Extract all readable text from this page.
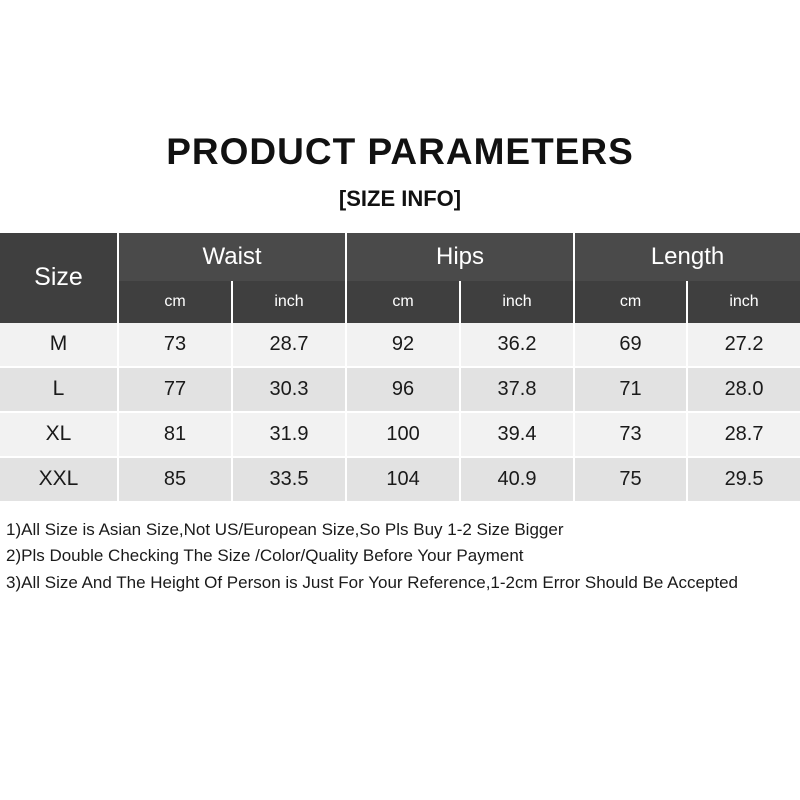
PRODUCT PARAMETERS
[SIZE INFO]
Size	Waist		Hips		Length	
	cm	inch	cm	inch	cm	inch
M	73	28.7	92	36.2	69	27.2
L	77	30.3	96	37.8	71	28.0
XL	81	31.9	100	39.4	73	28.7
XXL	85	33.5	104	40.9	75	29.5
1)All Size is Asian Size,Not US/European Size,So Pls Buy 1-2 Size Bigger
2)Pls Double Checking The Size /Color/Quality Before Your Payment
3)All Size And The Height Of Person is Just For Your Reference,1-2cm Error Should Be Accepted
